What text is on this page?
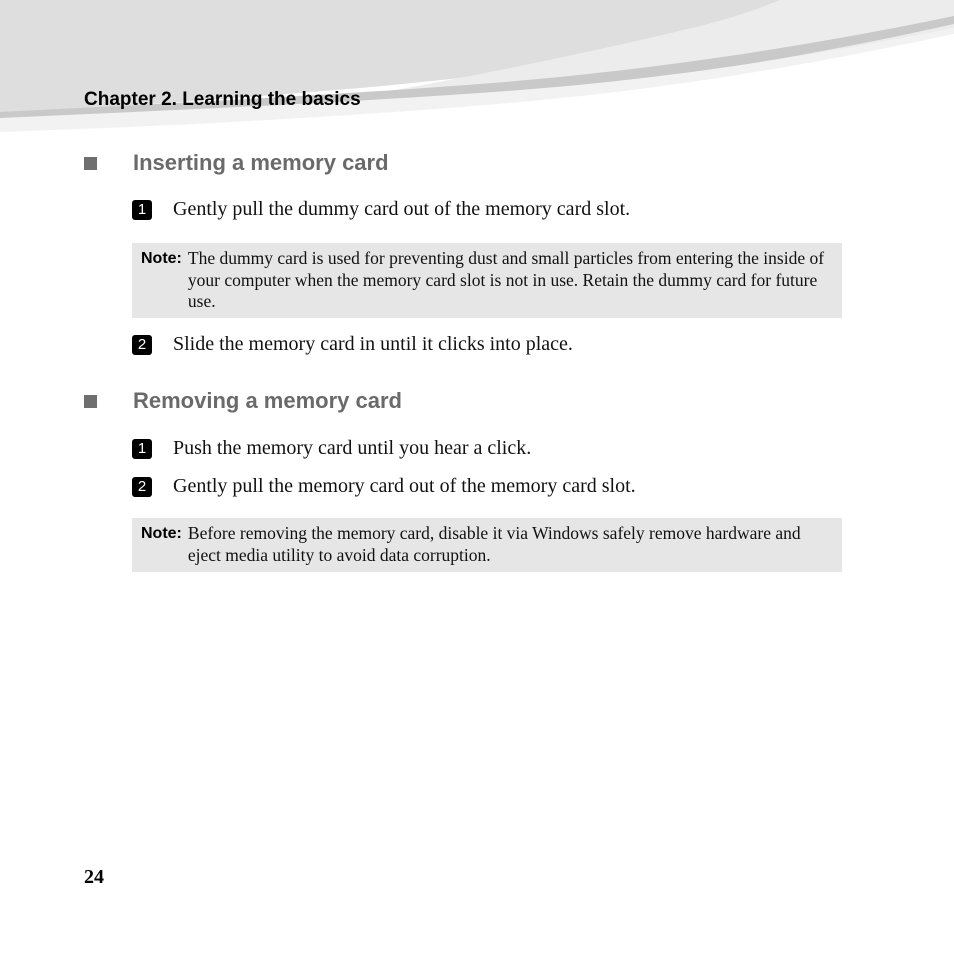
Chapter 2. Learning the basics
Inserting a memory card
1 Gently pull the dummy card out of the memory card slot.
Note: The dummy card is used for preventing dust and small particles from entering the inside of your computer when the memory card slot is not in use. Retain the dummy card for future use.
2 Slide the memory card in until it clicks into place.
Removing a memory card
1 Push the memory card until you hear a click.
2 Gently pull the memory card out of the memory card slot.
Note: Before removing the memory card, disable it via Windows safely remove hardware and eject media utility to avoid data corruption.
24
